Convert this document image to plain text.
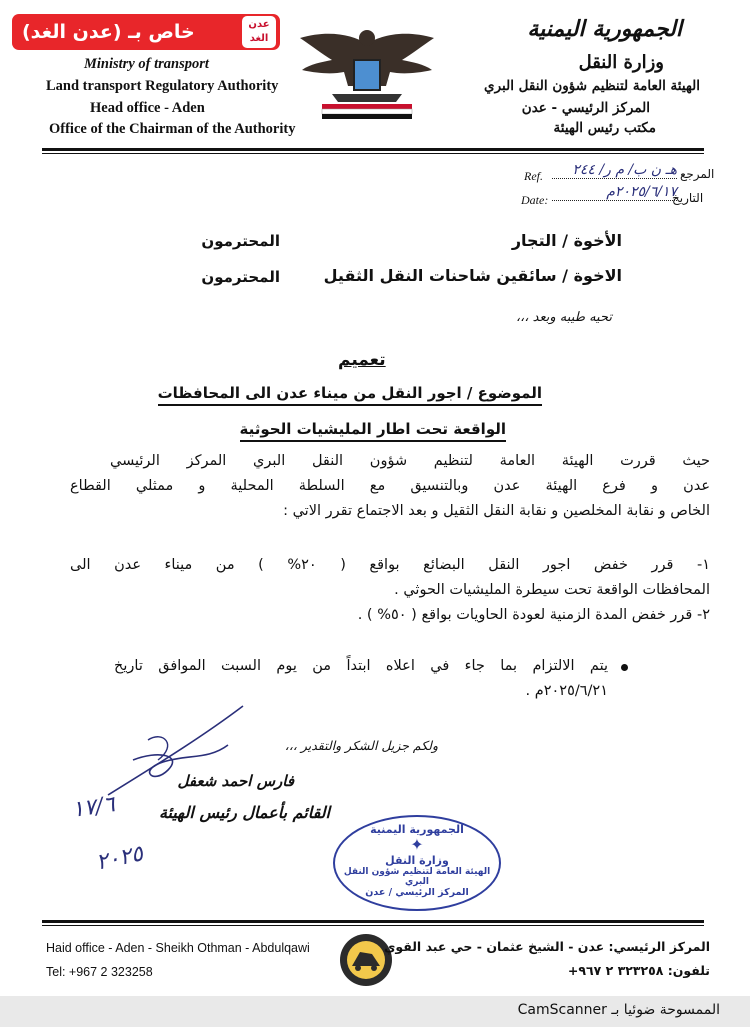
خاص بـ (عدن الغد)	عدن
الغد
Ministry of transport
Land transport Regulatory Authority
Head office - Aden
Office of the Chairman of the Authority
الجمهورية اليمنية
وزارة النقل
الهيئة العامة لتنظيم شؤون النقل البري
المركز الرئيسي - عدن
مكتب رئيس الهيئة
Ref.	هـ ن ب/ م ر/ ٢٤٤ المرجع
Date:	٢٠٢٥/٦/١٧م
التاريخ
الأخوة / التجار
المحترمون
الاخوة / سائقين شاحنات النقل الثقيل
المحترمون
تحيه طيبه وبعد ،،،
تعميم
الموضوع / اجور النقل من ميناء عدن الى المحافظات
الواقعة تحت اطار المليشيات الحوثية
حيث قررت الهيئة العامة لتنظيم شؤون النقل البري المركز الرئيسي
عدن و فرع الهيئة عدن وبالتنسيق مع السلطة المحلية و ممثلي القطاع
الخاص و نقابة المخلصين و نقابة النقل الثقيل و بعد الاجتماع تقرر الاتي :
١- قرر خفض اجور النقل البضائع بواقع ( ٢٠% ) من ميناء عدن الى
المحافظات الواقعة تحت سيطرة المليشيات الحوثي .
٢- قرر خفض المدة الزمنية لعودة الحاويات بواقع ( ٥٠% ) .
يتم الالتزام بما جاء في اعلاه ابتداً من يوم السبت الموافق تاريخ
٢٠٢٥/٦/٢١م .
ولكم جزيل الشكر والتقدير ،،،
فارس احمد شعفل
القائم بأعمال رئيس الهيئة
١٧/٦
٢٠٢٥
الجمهورية اليمنية
✦
وزارة النقل
الهيئة العامة لتنظيم شؤون النقل البري
المركز الرئيسي / عدن
Haid office - Aden - Sheikh Othman - Abdulqawi
Tel: +967 2 323258
المركز الرئيسي: عدن - الشيخ عثمان - حي عبد القوي
تلفون: ٣٢٣٢٥٨ ٢ ٩٦٧+
الممسوحة ضوئيا بـ CamScanner
